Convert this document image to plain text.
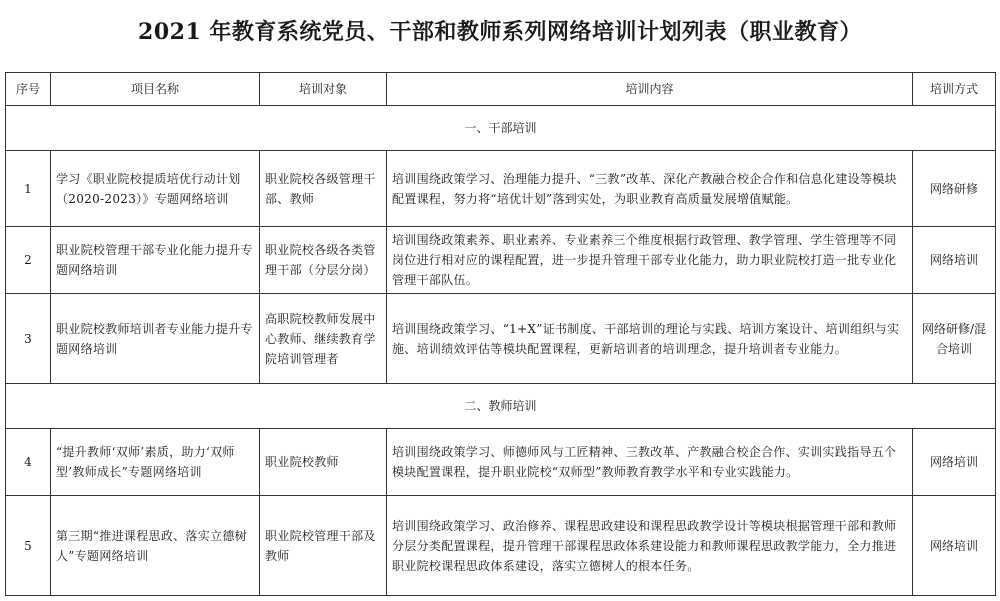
2021 年教育系统党员、干部和教师系列网络培训计划列表（职业教育）
序号	项目名称	培训对象	培训内容	培训方式
一、干部培训				
1	学习《职业院校提质培优行动计划（2020-2023）》专题网络培训	职业院校各级管理干部、教师	培训围绕政策学习、治理能力提升、“三教”改革、深化产教融合校企合作和信息化建设等模块配置课程，努力将“培优计划”落到实处，为职业教育高质量发展增值赋能。	网络研修
2	职业院校管理干部专业化能力提升专题网络培训	职业院校各级各类管理干部（分层分岗）	培训围绕政策素养、职业素养、专业素养三个维度根据行政管理、教学管理、学生管理等不同岗位进行相对应的课程配置，进一步提升管理干部专业化能力，助力职业院校打造一批专业化管理干部队伍。	网络培训
3	职业院校教师培训者专业能力提升专题网络培训	高职院校教师发展中心教师、继续教育学院培训管理者	培训围绕政策学习、“1+X”证书制度、干部培训的理论与实践、培训方案设计、培训组织与实施、培训绩效评估等模块配置课程，更新培训者的培训理念，提升培训者专业能力。	网络研修/混合培训
二、教师培训				
4	“提升教师‘双师’素质，助力‘双师型’教师成长”专题网络培训	职业院校教师	培训围绕政策学习、师德师风与工匠精神、三教改革、产教融合校企合作、实训实践指导五个模块配置课程，提升职业院校“双师型”教师教育教学水平和专业实践能力。	网络培训
5	第三期“推进课程思政、落实立德树人”专题网络培训	职业院校管理干部及教师	培训围绕政策学习、政治修养、课程思政建设和课程思政教学设计等模块根据管理干部和教师分层分类配置课程，提升管理干部课程思政体系建设能力和教师课程思政教学能力，全力推进职业院校课程思政体系建设，落实立德树人的根本任务。	网络培训
